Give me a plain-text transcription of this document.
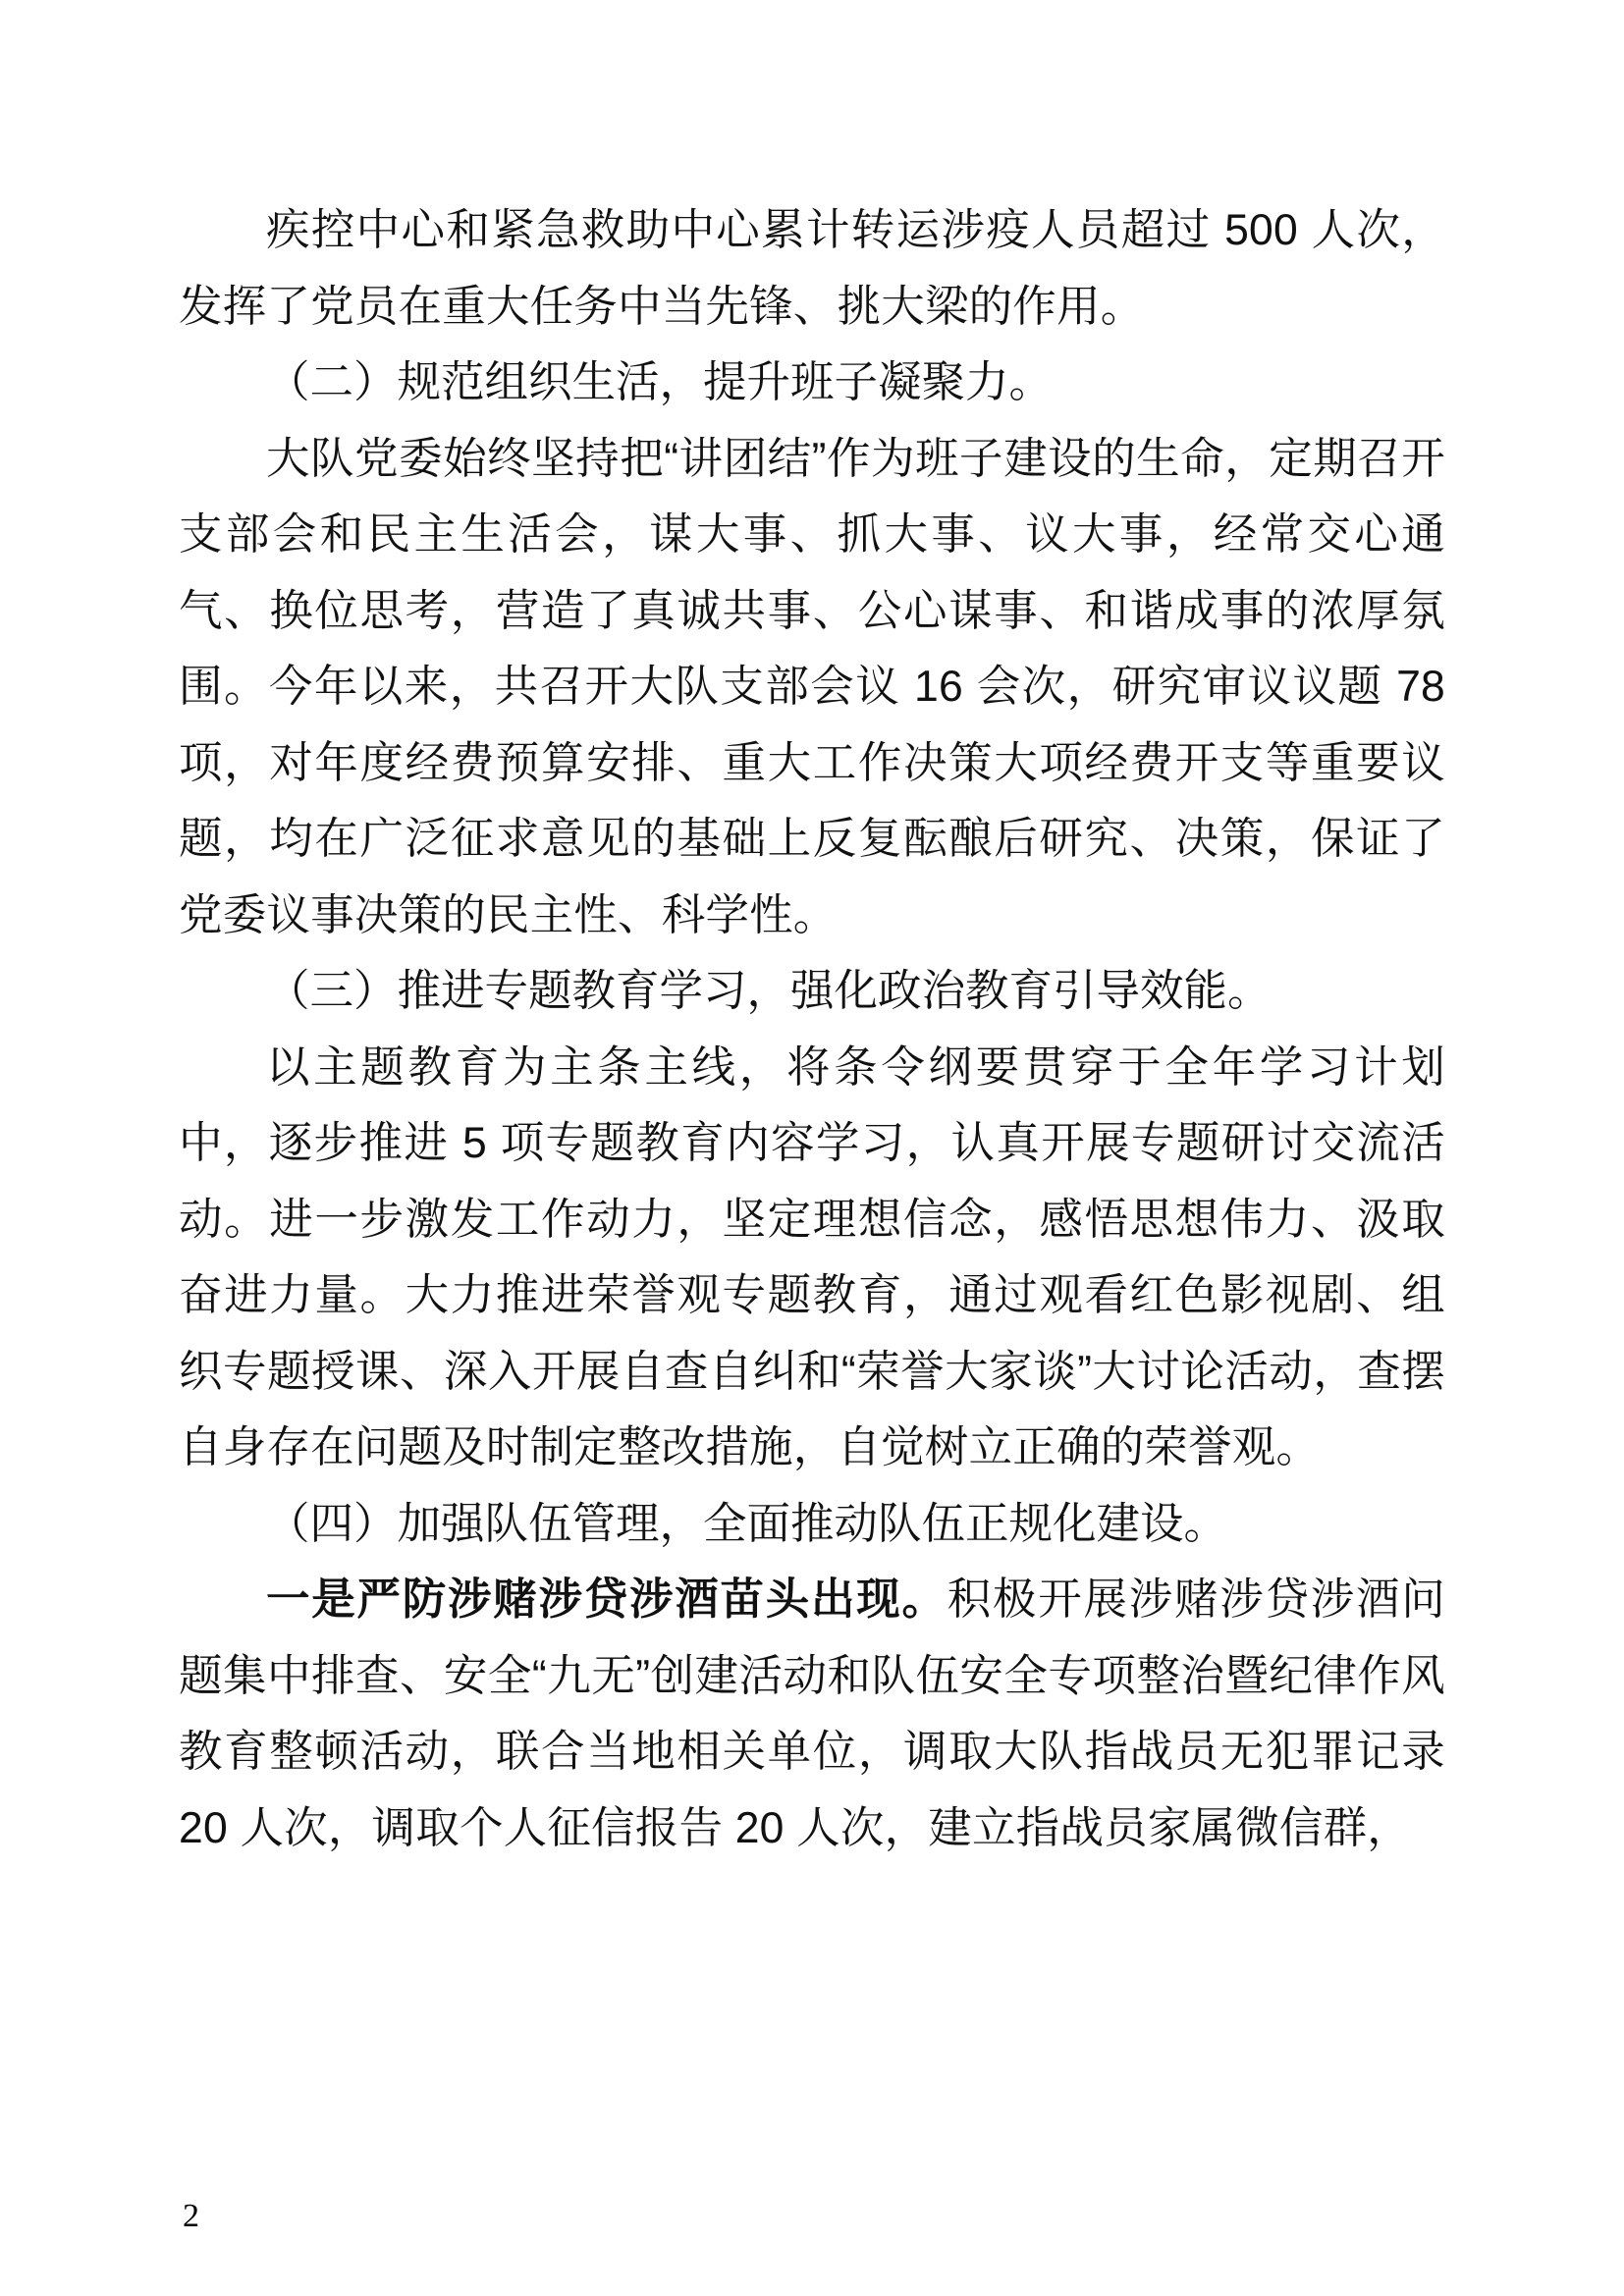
疾控中心和紧急救助中心累计转运涉疫人员超过 500 人次，发挥了党员在重大任务中当先锋、挑大梁的作用。

（二）规范组织生活，提升班子凝聚力。

大队党委始终坚持把“讲团结”作为班子建设的生命，定期召开支部会和民主生活会，谋大事、抓大事、议大事，经常交心通气、换位思考，营造了真诚共事、公心谋事、和谐成事的浓厚氛围。今年以来，共召开大队支部会议 16 会次，研究审议议题 78 项，对年度经费预算安排、重大工作决策大项经费开支等重要议题，均在广泛征求意见的基础上反复酝酿后研究、决策，保证了党委议事决策的民主性、科学性。

（三）推进专题教育学习，强化政治教育引导效能。

以主题教育为主条主线，将条令纲要贯穿于全年学习计划中，逐步推进 5 项专题教育内容学习，认真开展专题研讨交流活动。进一步激发工作动力，坚定理想信念，感悟思想伟力、汲取奋进力量。大力推进荣誉观专题教育，通过观看红色影视剧、组织专题授课、深入开展自查自纠和“荣誉大家谈”大讨论活动，查摆自身存在问题及时制定整改措施，自觉树立正确的荣誉观。

（四）加强队伍管理，全面推动队伍正规化建设。

一是严防涉赌涉贷涉酒苗头出现。积极开展涉赌涉贷涉酒问题集中排查、安全“九无”创建活动和队伍安全专项整治暨纪律作风教育整顿活动，联合当地相关单位，调取大队指战员无犯罪记录 20 人次，调取个人征信报告 20 人次，建立指战员家属微信群，

2
